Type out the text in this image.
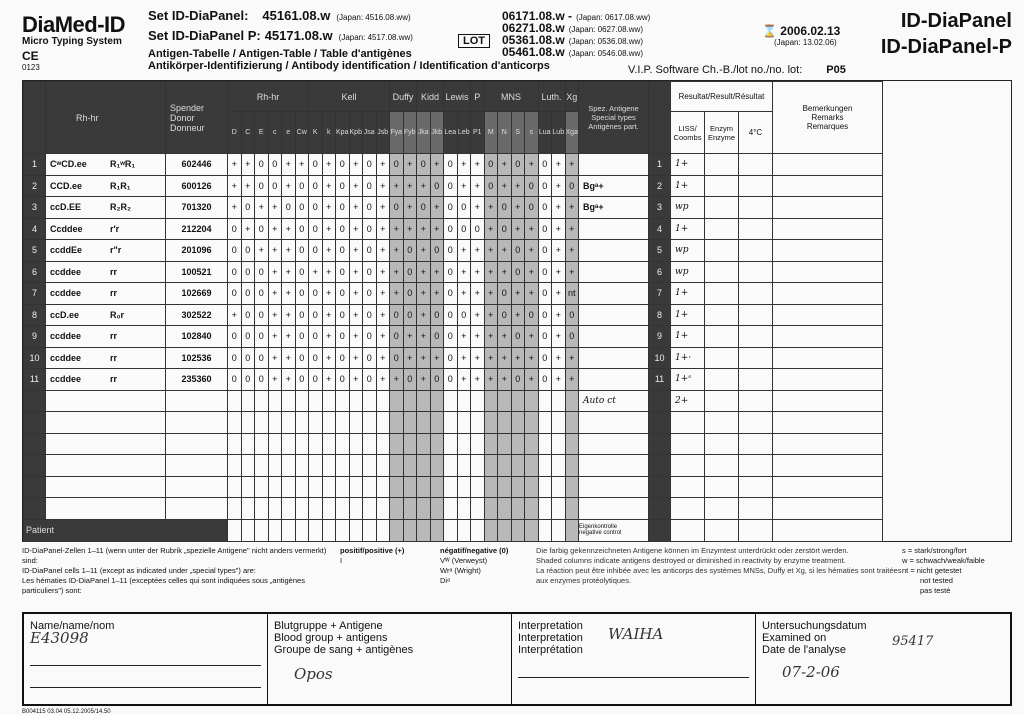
DiaMed-ID
Micro Typing System
CE
0123
Set ID-DiaPanel: 45161.08.w (Japan: 4516.08.ww)
Set ID-DiaPanel P: 45171.08.w (Japan: 4517.08.ww)
Antigen-Tabelle / Antigen-Table / Table d'antigènes
Antikörper-Identifizierung / Antibody identification / Identification d'anticorps
LOT
06171.08.w - (Japan: 0617.08.ww)
06271.08.w (Japan: 0627.08.ww)
05361.08.w (Japan: 0536.08.ww)
05461.08.w (Japan: 0546.08.ww)
⌛ 2006.02.13
(Japan: 13.02.06)
ID-DiaPanel
ID-DiaPanel-P
V.I.P. Software Ch.-B./lot no./no. lot: P05
	Rh-hr	Spender
Donor
Donneur	Rh-hr						Kell						Duffy		Kidd		Lewis		P	MNS				Luth.		Xg	Spez. Antigene
Special types
Antigènes part.		Resultat/Result/Résultat			Bemerkungen
Remarks
Remarques
			D	C	E	c	e	Cw	K	k	Kpa	Kpb	Jsa	Jsb	Fya	Fyb	Jka	Jkb	Lea	Leb	P1	M	N	S	s	Lua	Lub	Xga			LISS/
Coombs	Enzym
Enzyme	4°C	
1	CʷCD.ee R₁ʷR₁	602446	+	+	0	0	+	+	0	+	0	+	0	+	0	+	0	+	0	+	+	0	+	0	+	0	+	+		1	1+			
2	CCD.ee R₁R₁	600126	+	+	0	0	+	0	0	+	0	+	0	+	+	+	+	0	0	+	+	0	+	+	0	0	+	0	Bgᵃ+	2	1+			
3	ccD.EE R₂R₂	701320	+	0	+	+	0	0	0	+	0	+	0	+	0	+	0	+	0	0	+	+	0	+	0	0	+	+	Bgᵃ+	3	wp			
4	Ccddee r'r	212204	0	+	0	+	+	0	0	+	0	+	0	+	+	+	+	+	0	0	0	+	0	+	+	0	+	+		4	1+			
5	ccddEe r"r	201096	0	0	+	+	+	0	0	+	0	+	0	+	+	0	+	0	0	+	+	+	+	0	+	0	+	+		5	wp			
6	ccddee rr	100521	0	0	0	+	+	0	+	+	0	+	0	+	+	0	+	+	0	+	+	+	+	0	+	0	+	+		6	wp			
7	ccddee rr	102669	0	0	0	+	+	0	0	+	0	+	0	+	+	0	+	+	0	+	+	+	0	+	+	0	+	nt		7	1+			
8	ccD.ee R₀r	302522	+	0	0	+	+	0	0	+	0	+	0	+	0	0	+	0	0	0	+	+	0	+	0	0	+	0		8	1+			
9	ccddee rr	102840	0	0	0	+	+	0	0	+	0	+	0	+	0	+	+	0	0	+	+	+	+	0	+	0	+	0		9	1+			
10	ccddee rr	102536	0	0	0	+	+	0	0	+	0	+	0	+	0	+	+	+	0	+	+	+	+	+	+	0	+	+		10	1+·			
11	ccddee rr	235360	0	0	0	+	+	0	0	+	0	+	0	+	+	0	+	0	0	+	+	+	+	0	+	0	+	+		11	1+ˢ			
																													Auto ct		2+			

Patient																													Eigenkontrolle
negative control					
ID-DiaPanel-Zellen 1–11 (wenn unter der Rubrik „spezielle Antigene" nicht anders vermerkt) sind:
ID-DiaPanel cells 1–11 (except as indicated under „special types") are:
Les hématies ID-DiaPanel 1–11 (exceptées celles qui sont indiquées sous „antigènes particuliers") sont:
positif/positive (+)
I
négatif/negative (0)
Vᵂ (Verweyst)
Wrᵃ (Wright)
Diᵃ
Die farbig gekennzeichneten Antigene können im Enzymtest unterdrückt oder zerstört werden.
Shaded columns indicate antigens destroyed or diminished in reactivity by enzyme treatment.
La réaction peut être inhibée avec les anticorps des systèmes MNSs, Duffy et Xg, si les hématies sont traitées aux enzymes protéolytiques.
s = stark/strong/fort
w = schwach/weak/faible
nt = nicht getestet
not tested
pas testé
Name/name/nom
E43098
Blutgruppe + Antigene
Blood group + antigens
Groupe de sang + antigènes
Opos
Interpretation
Interpretation WAIHA
Interprétation
Untersuchungsdatum
Examined on
Date de l'analyse
95417
07-2-06
B004115 03.04 05.12.2005/14.50
